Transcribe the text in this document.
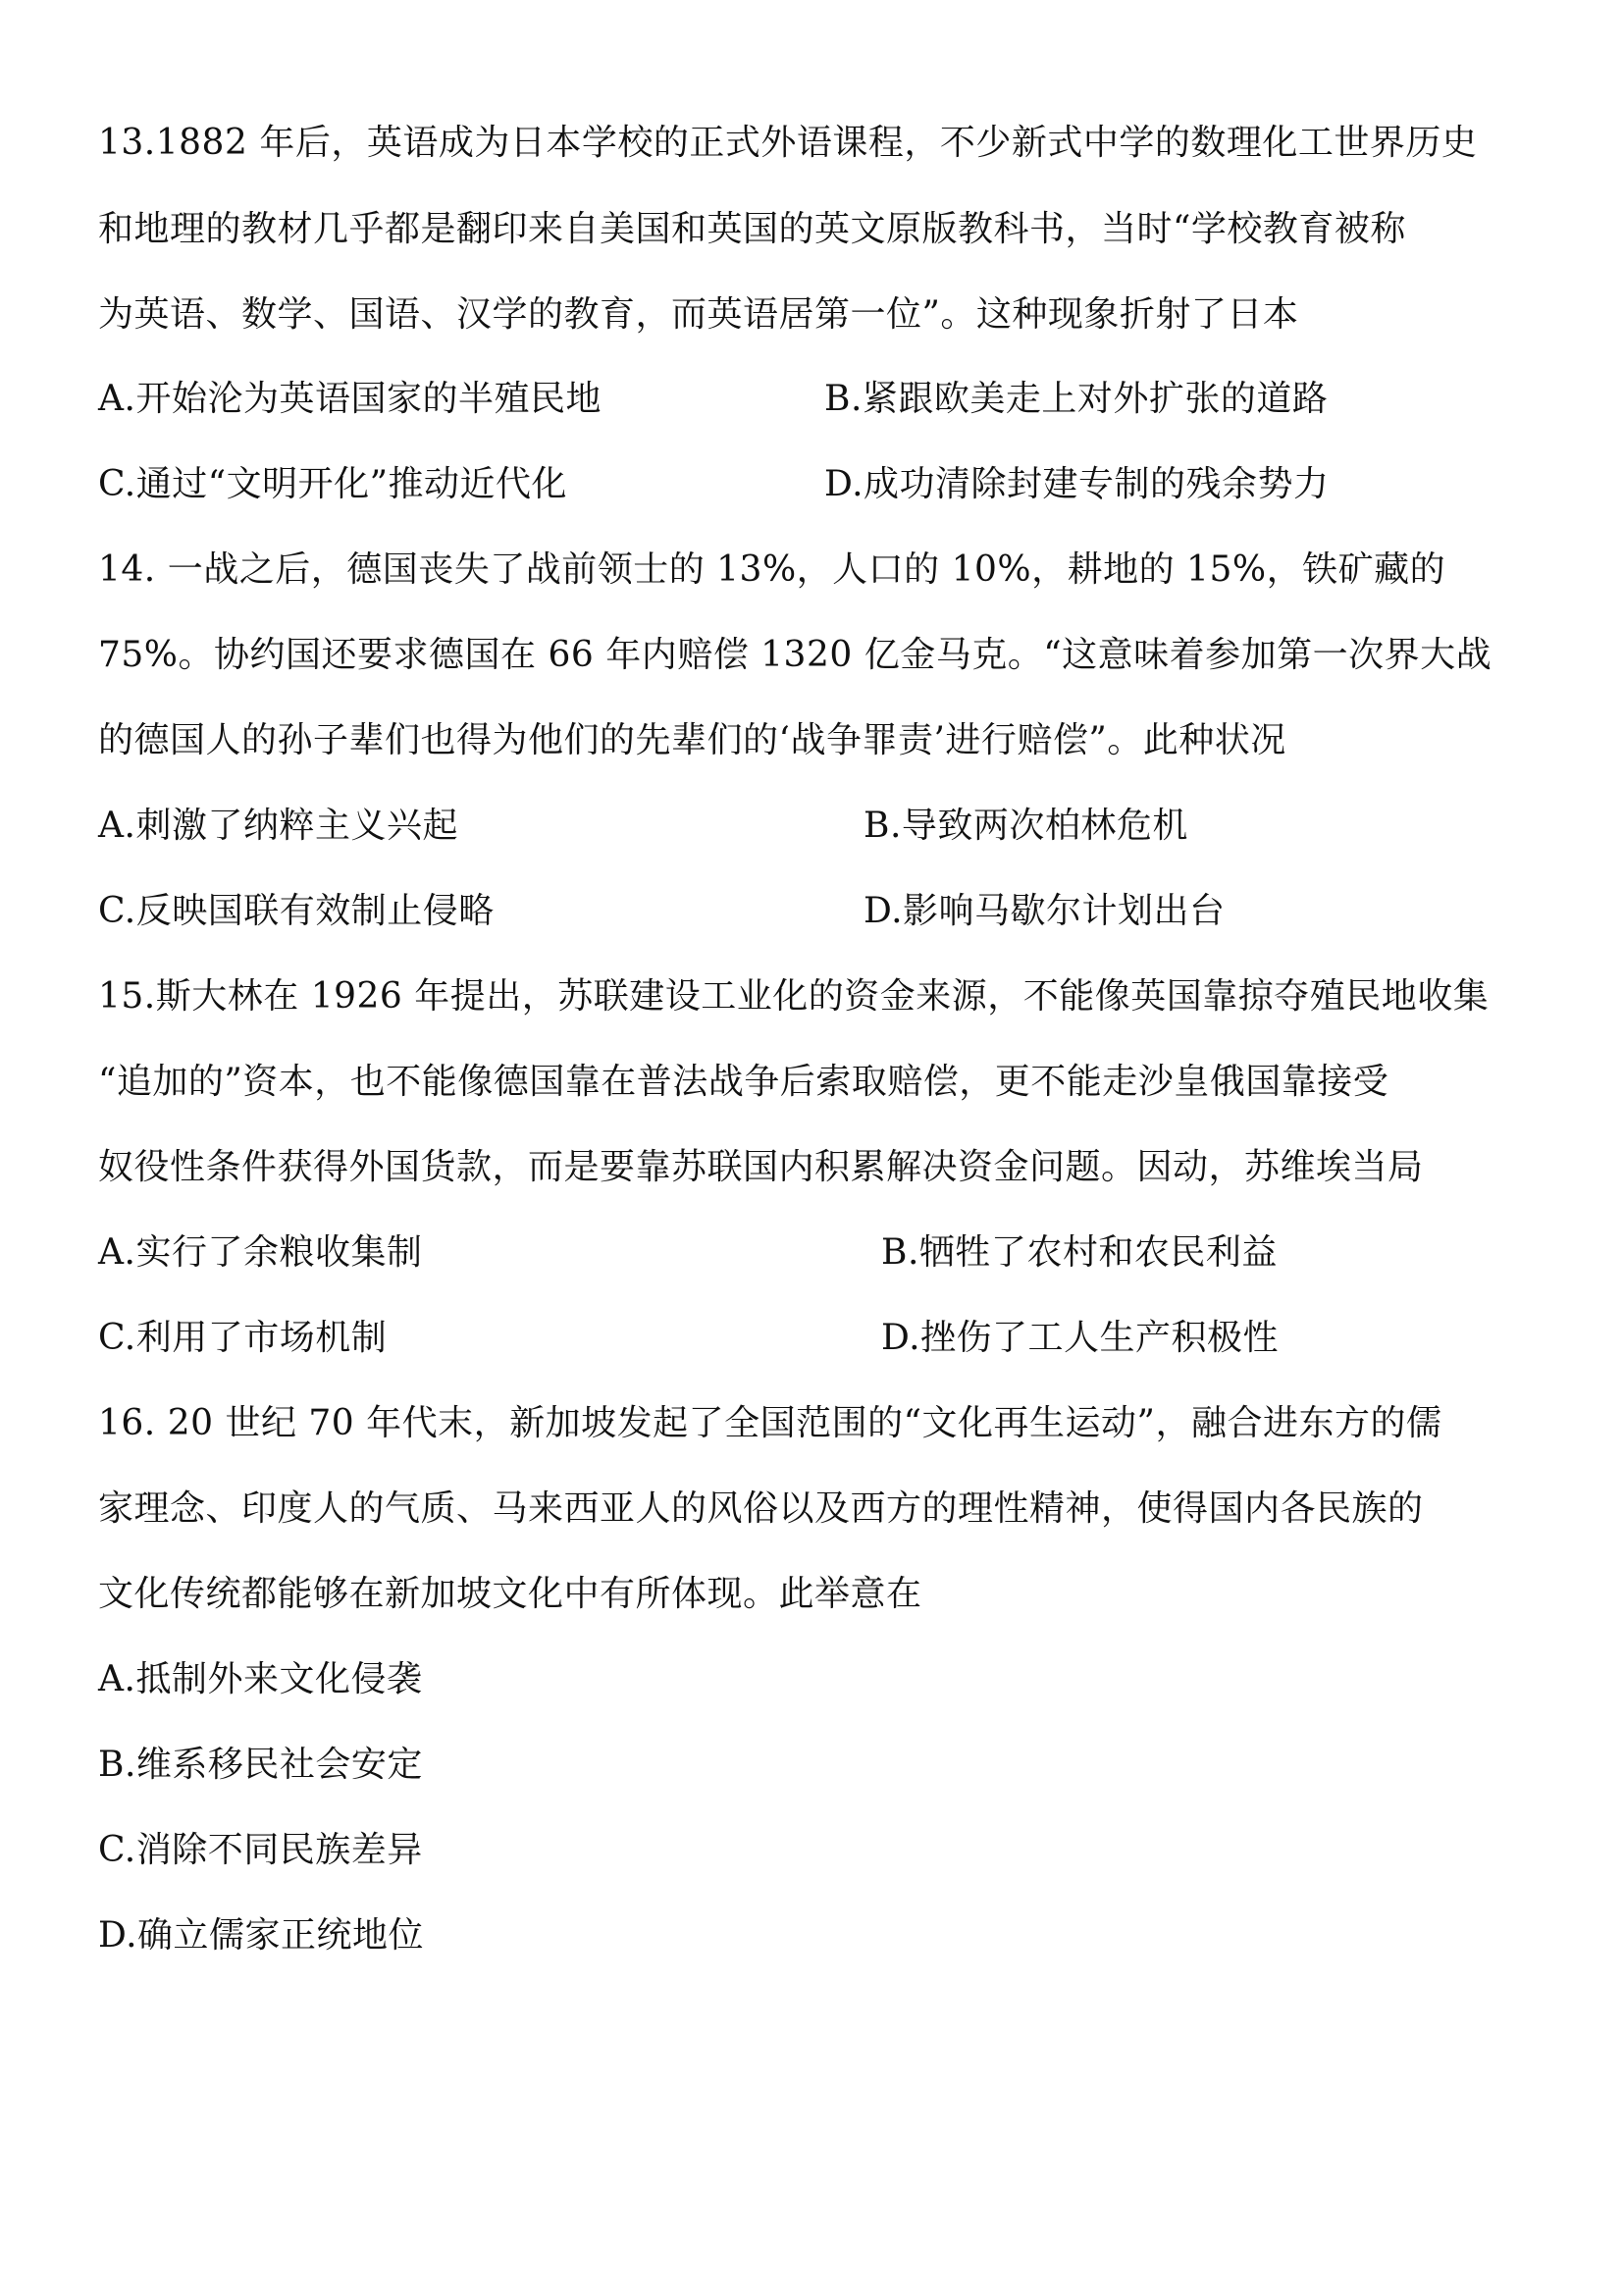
13.1882 年后，英语成为日本学校的正式外语课程，不少新式中学的数理化工世界历史
和地理的教材几乎都是翻印来自美国和英国的英文原版教科书，当时“学校教育被称
为英语、数学、国语、汉学的教育，而英语居第一位”。这种现象折射了日本
A.开始沦为英语国家的半殖民地	B.紧跟欧美走上对外扩张的道路
C.通过“文明开化”推动近代化	D.成功清除封建专制的残余势力
14. 一战之后，德国丧失了战前领士的 13%，人口的 10%，耕地的 15%，铁矿藏的
75%。协约国还要求德国在 66 年内赔偿 1320 亿金马克。“这意味着参加第一次界大战
的德国人的孙子辈们也得为他们的先辈们的‘战争罪责’进行赔偿”。此种状况
A.刺激了纳粹主义兴起	B.导致两次柏林危机
C.反映国联有效制止侵略	D.影响马歇尔计划出台
15.斯大林在 1926 年提出，苏联建设工业化的资金来源，不能像英国靠掠夺殖民地收集
“追加的”资本，也不能像德国靠在普法战争后索取赔偿，更不能走沙皇俄国靠接受
奴役性条件获得外国货款，而是要靠苏联国内积累解决资金问题。因动，苏维埃当局
A.实行了余粮收集制	B.牺牲了农村和农民利益
C.利用了市场机制	D.挫伤了工人生产积极性
16. 20 世纪 70 年代末，新加坡发起了全国范围的“文化再生运动”，融合进东方的儒
家理念、印度人的气质、马来西亚人的风俗以及西方的理性精神，使得国内各民族的
文化传统都能够在新加坡文化中有所体现。此举意在
A.抵制外来文化侵袭
B.维系移民社会安定
C.消除不同民族差异
D.确立儒家正统地位
